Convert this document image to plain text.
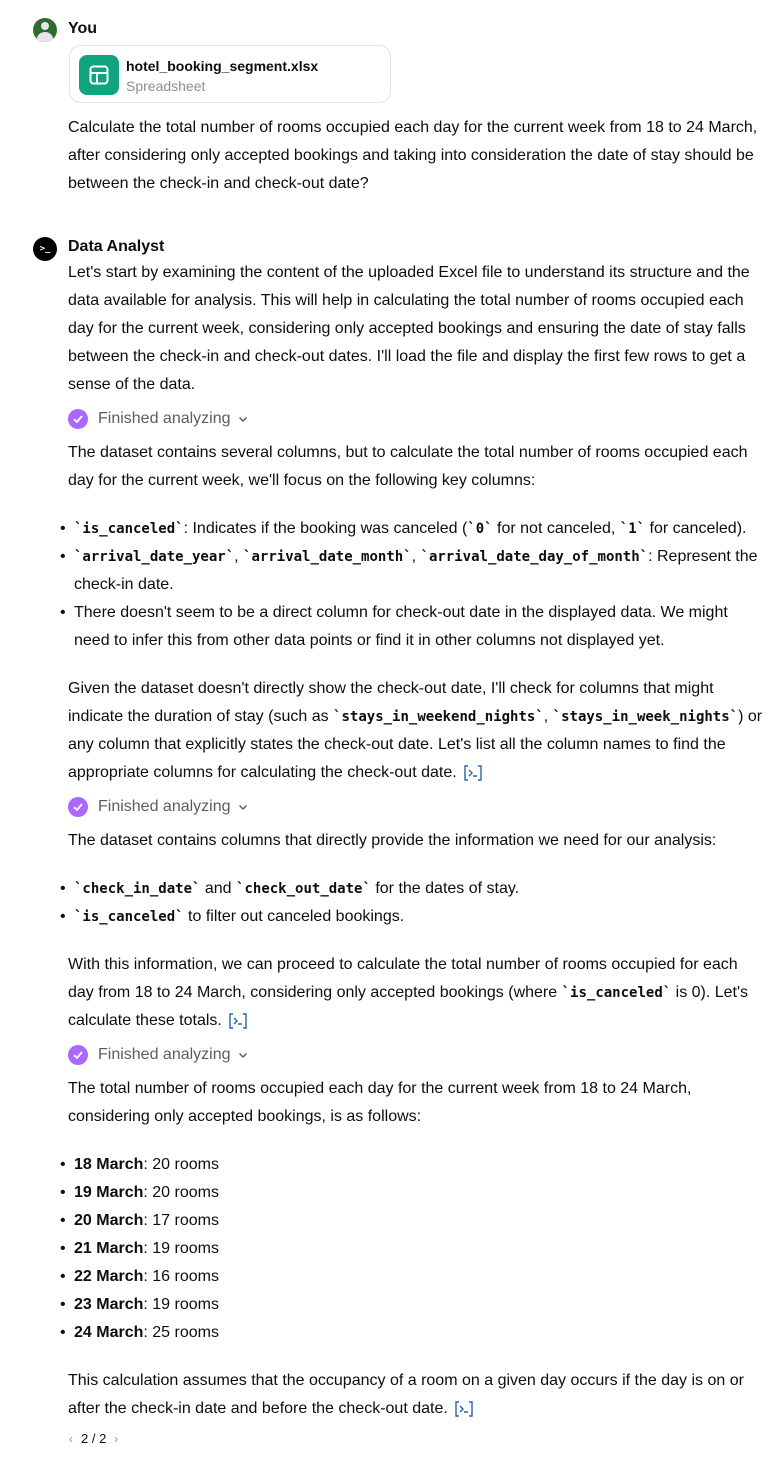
You
hotel_booking_segment.xlsx
Spreadsheet
Calculate the total number of rooms occupied each day for the current week from 18 to 24 March, after considering only accepted bookings and taking into consideration the date of stay should be between the check-in and check-out date?
>_	Data Analyst
Let's start by examining the content of the uploaded Excel file to understand its structure and the data available for analysis. This will help in calculating the total number of rooms occupied each day for the current week, considering only accepted bookings and ensuring the date of stay falls between the check-in and check-out dates. I'll load the file and display the first few rows to get a sense of the data.
Finished analyzing
The dataset contains several columns, but to calculate the total number of rooms occupied each day for the current week, we'll focus on the following key columns:
• `is_canceled`: Indicates if the booking was canceled (`0` for not canceled, `1` for canceled).
• `arrival_date_year`, `arrival_date_month`, `arrival_date_day_of_month`: Represent the check-in date.
• There doesn't seem to be a direct column for check-out date in the displayed data. We might need to infer this from other data points or find it in other columns not displayed yet.
Given the dataset doesn't directly show the check-out date, I'll check for columns that might indicate the duration of stay (such as `stays_in_weekend_nights`, `stays_in_week_nights`) or any column that explicitly states the check-out date. Let's list all the column names to find the appropriate columns for calculating the check-out date.
Finished analyzing
The dataset contains columns that directly provide the information we need for our analysis:
• `check_in_date` and `check_out_date` for the dates of stay.
• `is_canceled` to filter out canceled bookings.
With this information, we can proceed to calculate the total number of rooms occupied for each day from 18 to 24 March, considering only accepted bookings (where `is_canceled` is 0). Let's calculate these totals.
Finished analyzing
The total number of rooms occupied each day for the current week from 18 to 24 March, considering only accepted bookings, is as follows:
• 18 March: 20 rooms
• 19 March: 20 rooms
• 20 March: 17 rooms
• 21 March: 19 rooms
• 22 March: 16 rooms
• 23 March: 19 rooms
• 24 March: 25 rooms
This calculation assumes that the occupancy of a room on a given day occurs if the day is on or after the check-in date and before the check-out date.
‹ 2 / 2 ›
